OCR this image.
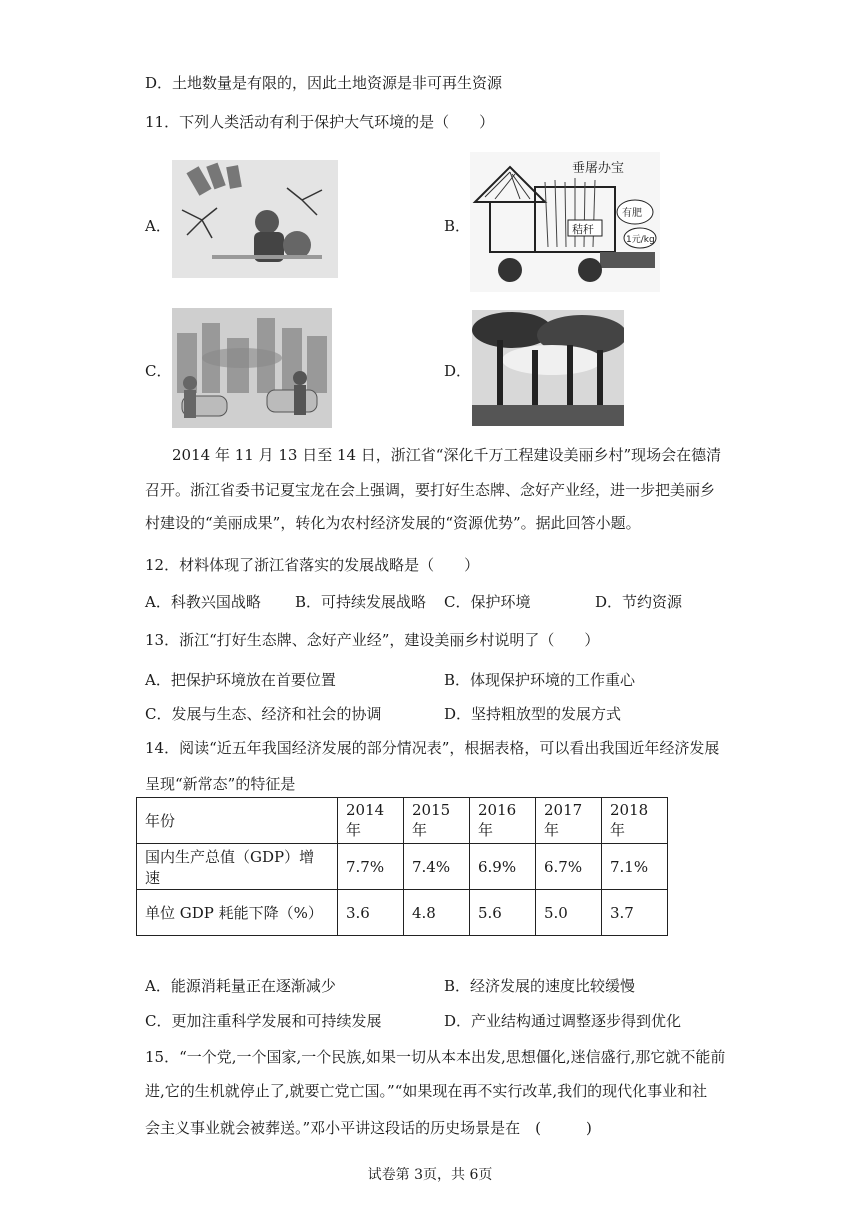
D．土地数量是有限的，因此土地资源是非可再生资源
11．下列人类活动有利于保护大气环境的是（　　）
A．	B．
垂屠办宝
秸秆
有肥
1元/kg
C．	D．
2014 年 11 月 13 日至 14 日，浙江省“深化千万工程建设美丽乡村”现场会在德清
召开。浙江省委书记夏宝龙在会上强调，要打好生态牌、念好产业经，进一步把美丽乡
村建设的“美丽成果”，转化为农村经济发展的“资源优势”。据此回答小题。
12．材料体现了浙江省落实的发展战略是（　　）
A．科教兴国战略 B．可持续发展战略 C．保护环境	D．节约资源
13．浙江“打好生态牌、念好产业经”，建设美丽乡村说明了（　　）
A．把保护环境放在首要位置	B．体现保护环境的工作重心
C．发展与生态、经济和社会的协调	D．坚持粗放型的发展方式
14．阅读“近五年我国经济发展的部分情况表”，根据表格，可以看出我国近年经济发展
呈现“新常态”的特征是
年份	2014 年	2015 年	2016 年	2017 年	2018 年
国内生产总值（GDP）增速	7.7%	7.4%	6.9%	6.7%	7.1%
单位 GDP 耗能下降（%）	3.6	4.8	5.6	5.0	3.7
A．能源消耗量正在逐渐减少	B．经济发展的速度比较缓慢
C．更加注重科学发展和可持续发展	D．产业结构通过调整逐步得到优化
15．“一个党,一个国家,一个民族,如果一切从本本出发,思想僵化,迷信盛行,那它就不能前
进,它的生机就停止了,就要亡党亡国。”“如果现在再不实行改革,我们的现代化事业和社
会主义事业就会被葬送。”邓小平讲这段话的历史场景是在　(　　　)
试卷第 3页，共 6页
